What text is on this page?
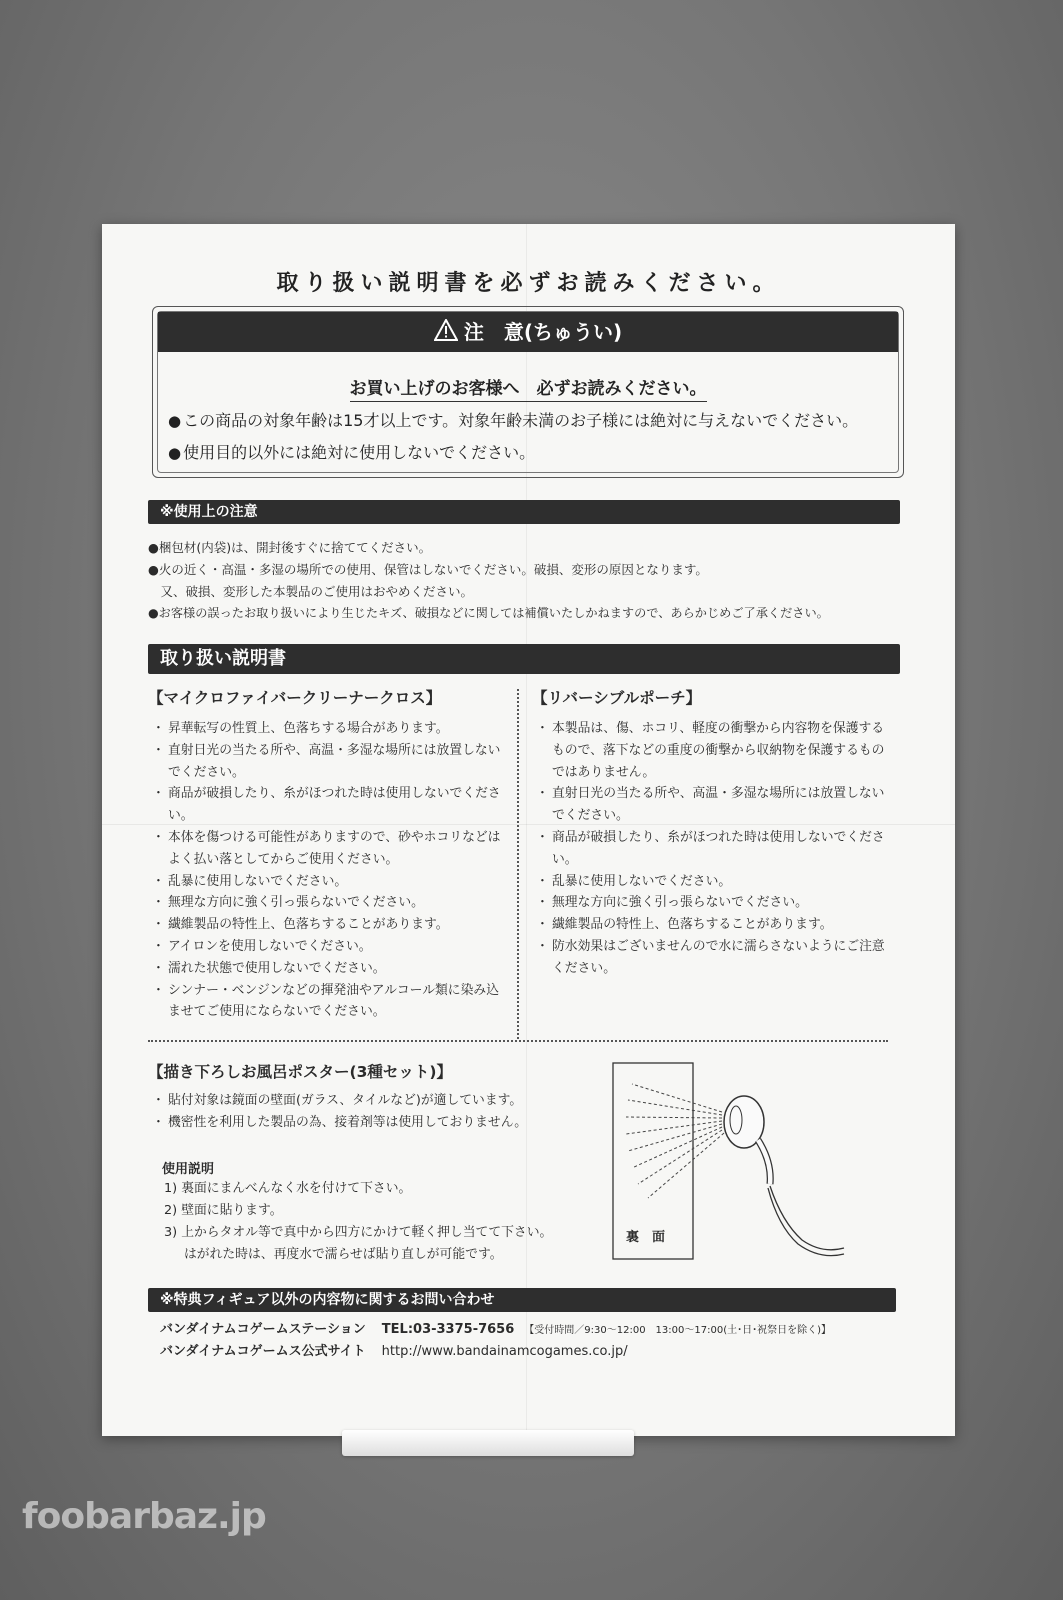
取り扱い説明書を必ずお読みください。
注　意(ちゅうい)
お買い上げのお客様へ　必ずお読みください。
● この商品の対象年齢は15才以上です。対象年齢未満のお子様には絶対に与えないでください。
● 使用目的以外には絶対に使用しないでください。
※使用上の注意
●梱包材(内袋)は、開封後すぐに捨ててください。
●火の近く・高温・多湿の場所での使用、保管はしないでください。破損、変形の原因となります。
　又、破損、変形した本製品のご使用はおやめください。
●お客様の誤ったお取り扱いにより生じたキズ、破損などに関しては補償いたしかねますので、あらかじめご了承ください。
取り扱い説明書
【マイクロファイバークリーナークロス】
・ 昇華転写の性質上、色落ちする場合があります。
・ 直射日光の当たる所や、高温・多湿な場所には放置しないでください。
・ 商品が破損したり、糸がほつれた時は使用しないでください。
・ 本体を傷つける可能性がありますので、砂やホコリなどはよく払い落としてからご使用ください。
・ 乱暴に使用しないでください。
・ 無理な方向に強く引っ張らないでください。
・ 繊維製品の特性上、色落ちすることがあります。
・ アイロンを使用しないでください。
・ 濡れた状態で使用しないでください。
・ シンナー・ベンジンなどの揮発油やアルコール類に染み込ませてご使用にならないでください。
【リバーシブルポーチ】
・ 本製品は、傷、ホコリ、軽度の衝撃から内容物を保護するもので、落下などの重度の衝撃から収納物を保護するものではありません。
・ 直射日光の当たる所や、高温・多湿な場所には放置しないでください。
・ 商品が破損したり、糸がほつれた時は使用しないでください。
・ 乱暴に使用しないでください。
・ 無理な方向に強く引っ張らないでください。
・ 繊維製品の特性上、色落ちすることがあります。
・ 防水効果はございませんので水に濡らさないようにご注意ください。
【描き下ろしお風呂ポスター(3種セット)】
・ 貼付対象は鏡面の壁面(ガラス、タイルなど)が適しています。
・ 機密性を利用した製品の為、接着剤等は使用しておりません。
使用説明
1) 裏面にまんべんなく水を付けて下さい。
2) 壁面に貼ります。
3) 上からタオル等で真中から四方にかけて軽く押し当てて下さい。
はがれた時は、再度水で濡らせば貼り直しが可能です。
裏　面
※特典フィギュア以外の内容物に関するお問い合わせ
バンダイナムコゲームステーション TEL:03-3375-7656 【受付時間／9:30〜12:00　13:00〜17:00(土･日･祝祭日を除く)】
バンダイナムコゲームス公式サイト http://www.bandainamcogames.co.jp/
foobarbaz.jp
